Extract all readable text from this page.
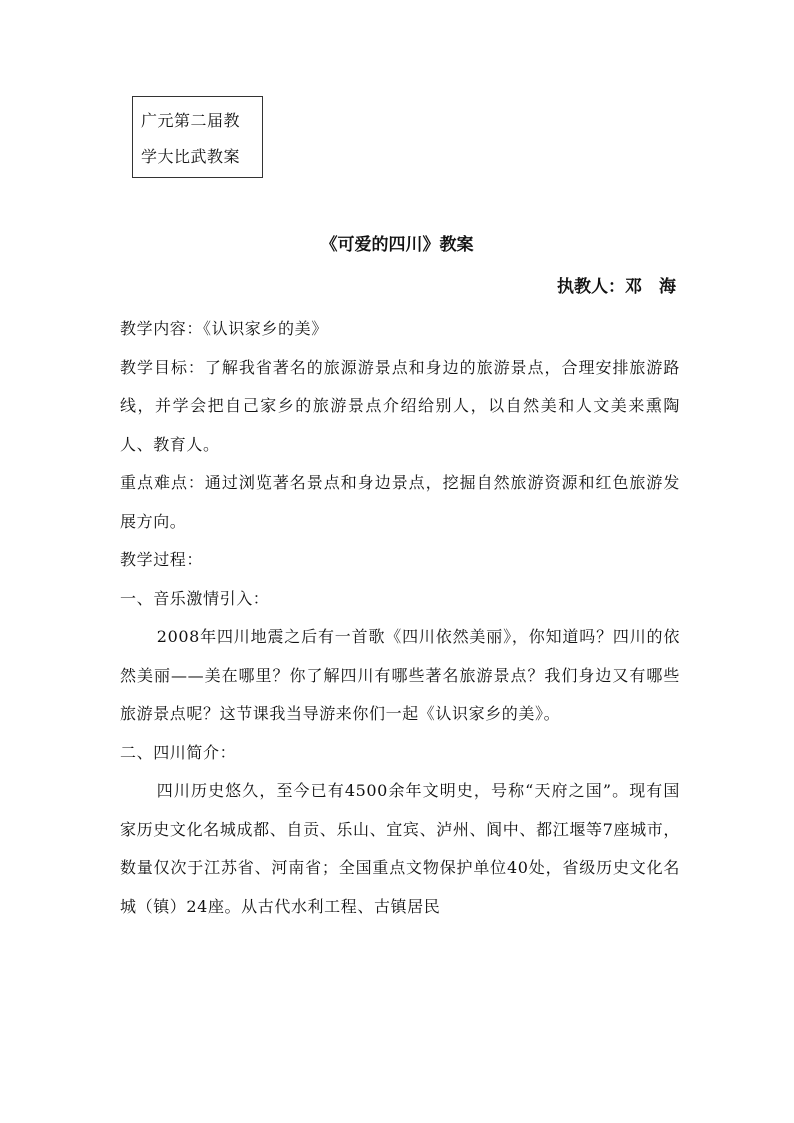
广元第二届教
学大比武教案
《可爱的四川》教案
执教人：邓　海

教学内容：《认识家乡的美》

教学目标：了解我省著名的旅源游景点和身边的旅游景点，合理安排旅游路线，并学会把自己家乡的旅游景点介绍给别人，以自然美和人文美来熏陶人、教育人。

重点难点：通过浏览著名景点和身边景点，挖掘自然旅游资源和红色旅游发展方向。

教学过程：

一、音乐激情引入：

2008年四川地震之后有一首歌《四川依然美丽》，你知道吗？四川的依然美丽——美在哪里？你了解四川有哪些著名旅游景点？我们身边又有哪些旅游景点呢？这节课我当导游来你们一起《认识家乡的美》。

二、四川简介：

四川历史悠久，至今已有4500余年文明史，号称“天府之国”。现有国家历史文化名城成都、自贡、乐山、宜宾、泸州、阆中、都江堰等7座城市，数量仅次于江苏省、河南省；全国重点文物保护单位40处，省级历史文化名城（镇）24座。从古代水利工程、古镇居民
